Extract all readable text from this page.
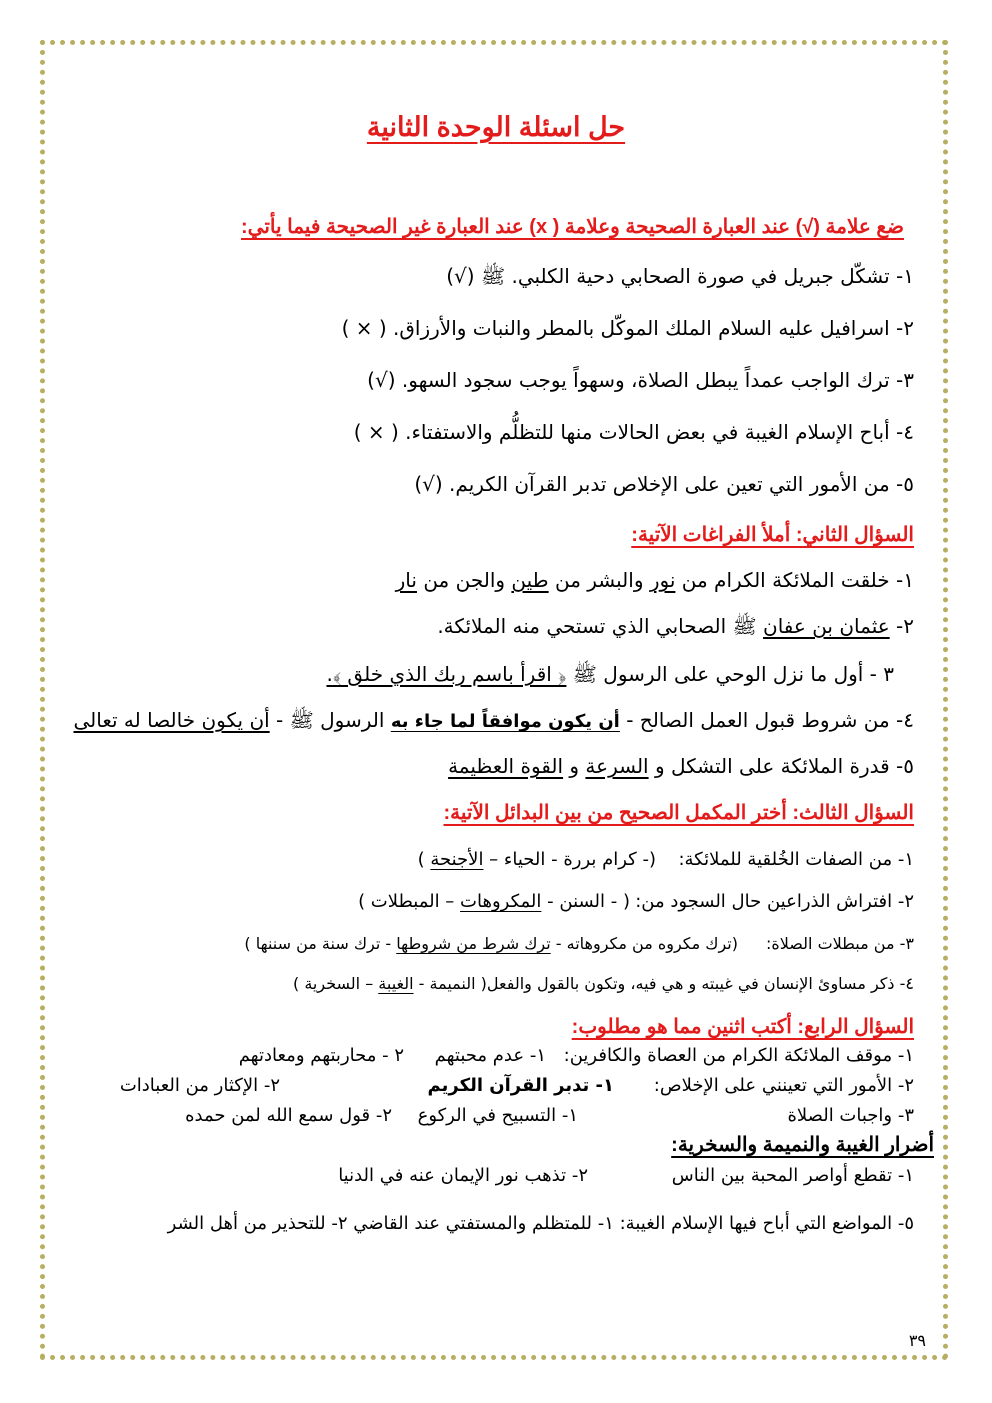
حل اسئلة الوحدة الثانية
ضع علامة (√) عند العبارة الصحيحة وعلامة ( x) عند العبارة غير الصحيحة فيما يأتي:
١- تشكّل جبريل في صورة الصحابي دحية الكلبي. ﷺ (√)
٢- اسرافيل عليه السلام الملك الموكّل بالمطر والنبات والأرزاق. ( × )
٣- ترك الواجب عمداً يبطل الصلاة، وسهواً يوجب سجود السهو. (√)
٤- أباح الإسلام الغيبة في بعض الحالات منها للتظلُّم والاستفتاء. ( × )
٥- من الأمور التي تعين على الإخلاص تدبر القرآن الكريم. (√)
السؤال الثاني: أملأ الفراغات الآتية:
١- خلقت الملائكة الكرام من نور والبشر من طين والجن من نار
٢- عثمان بن عفان ﷺ الصحابي الذي تستحي منه الملائكة.
٣ - أول ما نزل الوحي على الرسول ﷺ ﴿ اقرأ باسم ربك الذي خلق ﴾.
٤- من شروط قبول العمل الصالح - أن يكون موافقاً لما جاء به الرسول ﷺ - أن يكون خالصا له تعالى
٥- قدرة الملائكة على التشكل و السرعة و القوة العظيمة
السؤال الثالث: أختر المكمل الصحيح من بين البدائل الآتية:
١- من الصفات الخُلقية للملائكة:
(- كرام بررة - الحياء – الأجنحة )
٢- افتراش الذراعين حال السجود من:
( - السنن - المكروهات – المبطلات )
٣- من مبطلات الصلاة:
(ترك مكروه من مكروهاته - ترك شرط من شروطها - ترك سنة من سننها )
٤- ذكر مساوئ الإنسان في غيبته و هي فيه، وتكون بالقول والفعل( النميمة - الغيبة – السخرية )
السؤال الرابع: أكتب اثنين مما هو مطلوب:
١- موقف الملائكة الكرام من العصاة والكافرين:
١- عدم محبتهم
٢ - محاربتهم ومعادتهم
٢- الأمور التي تعينني على الإخلاص:
١- تدبر القرآن الكريم
٢- الإكثار من العبادات
٣- واجبات الصلاة
١- التسبيح في الركوع
٢- قول سمع الله لمن حمده
أضرار الغيبة والنميمة والسخرية:
١- تقطع أواصر المحبة بين الناس
٢- تذهب نور الإيمان عنه في الدنيا
٥- المواضع التي أباح فيها الإسلام الغيبة: ١- للمتظلم والمستفتي عند القاضي ٢- للتحذير من أهل الشر
٣٩
